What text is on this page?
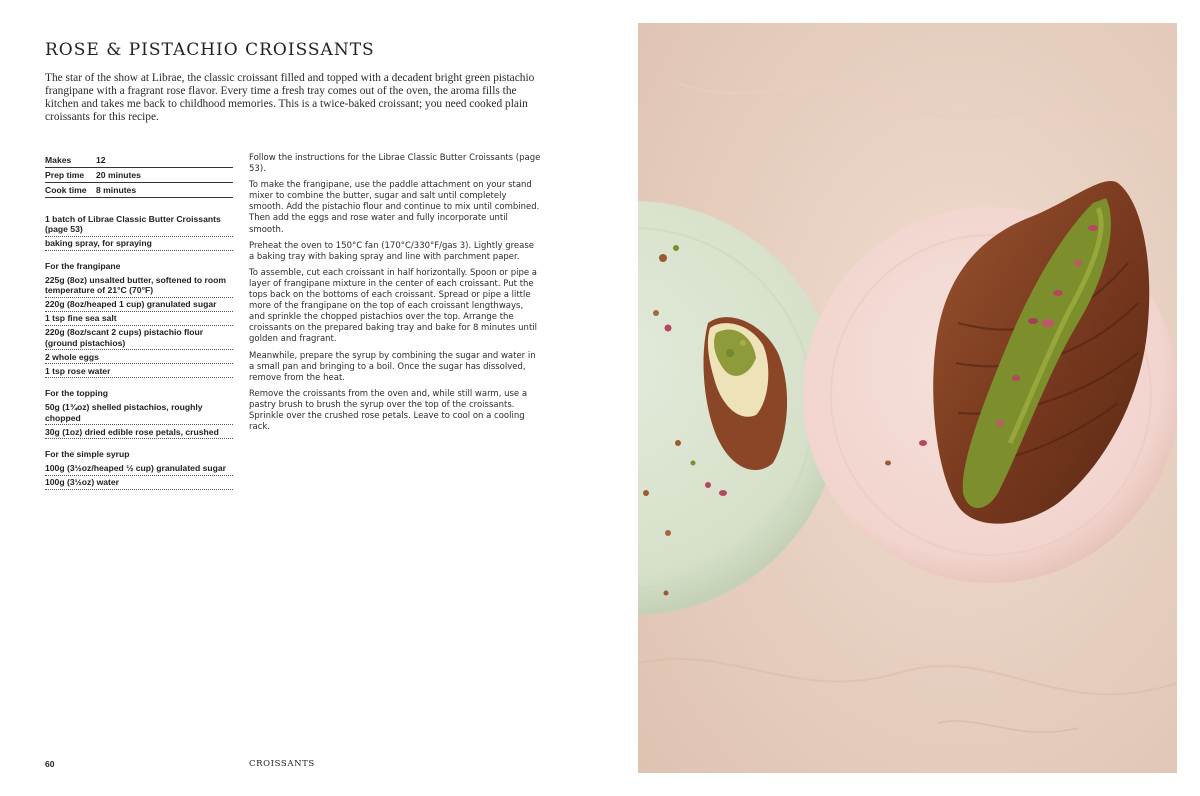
ROSE & PISTACHIO CROISSANTS

The star of the show at Librae, the classic croissant filled and topped with a decadent bright green pistachio frangipane with a fragrant rose flavor. Every time a fresh tray comes out of the oven, the aroma fills the kitchen and takes me back to childhood memories. This is a twice-baked croissant; you need cooked plain croissants for this recipe.

Makes	12
Prep time	20 minutes
Cook time	8 minutes
1 batch of Librae Classic Butter Croissants (page 53)
baking spray, for spraying
For the frangipane
225g (8oz) unsalted butter, softened to room temperature of 21°C (70°F)
220g (8oz/heaped 1 cup) granulated sugar
1 tsp fine sea salt
220g (8oz/scant 2 cups) pistachio flour (ground pistachios)
2 whole eggs
1 tsp rose water
For the topping
50g (1¾oz) shelled pistachios, roughly chopped
30g (1oz) dried edible rose petals, crushed
For the simple syrup
100g (3½oz/heaped ½ cup) granulated sugar
100g (3½oz) water

Follow the instructions for the Librae Classic Butter Croissants (page 53).

To make the frangipane, use the paddle attachment on your stand mixer to combine the butter, sugar and salt until completely smooth. Add the pistachio flour and continue to mix until combined. Then add the eggs and rose water and fully incorporate until smooth.

Preheat the oven to 150°C fan (170°C/330°F/gas 3). Lightly grease a baking tray with baking spray and line with parchment paper.

To assemble, cut each croissant in half horizontally. Spoon or pipe a layer of frangipane mixture in the center of each croissant. Put the tops back on the bottoms of each croissant. Spread or pipe a little more of the frangipane on the top of each croissant lengthways, and sprinkle the chopped pistachios over the top. Arrange the croissants on the prepared baking tray and bake for 8 minutes until golden and fragrant.

Meanwhile, prepare the syrup by combining the sugar and water in a small pan and bringing to a boil. Once the sugar has dissolved, remove from the heat.

Remove the croissants from the oven and, while still warm, use a pastry brush to brush the syrup over the top of the croissants. Sprinkle over the crushed rose petals. Leave to cool on a cooling rack.

60	CROISSANTS
